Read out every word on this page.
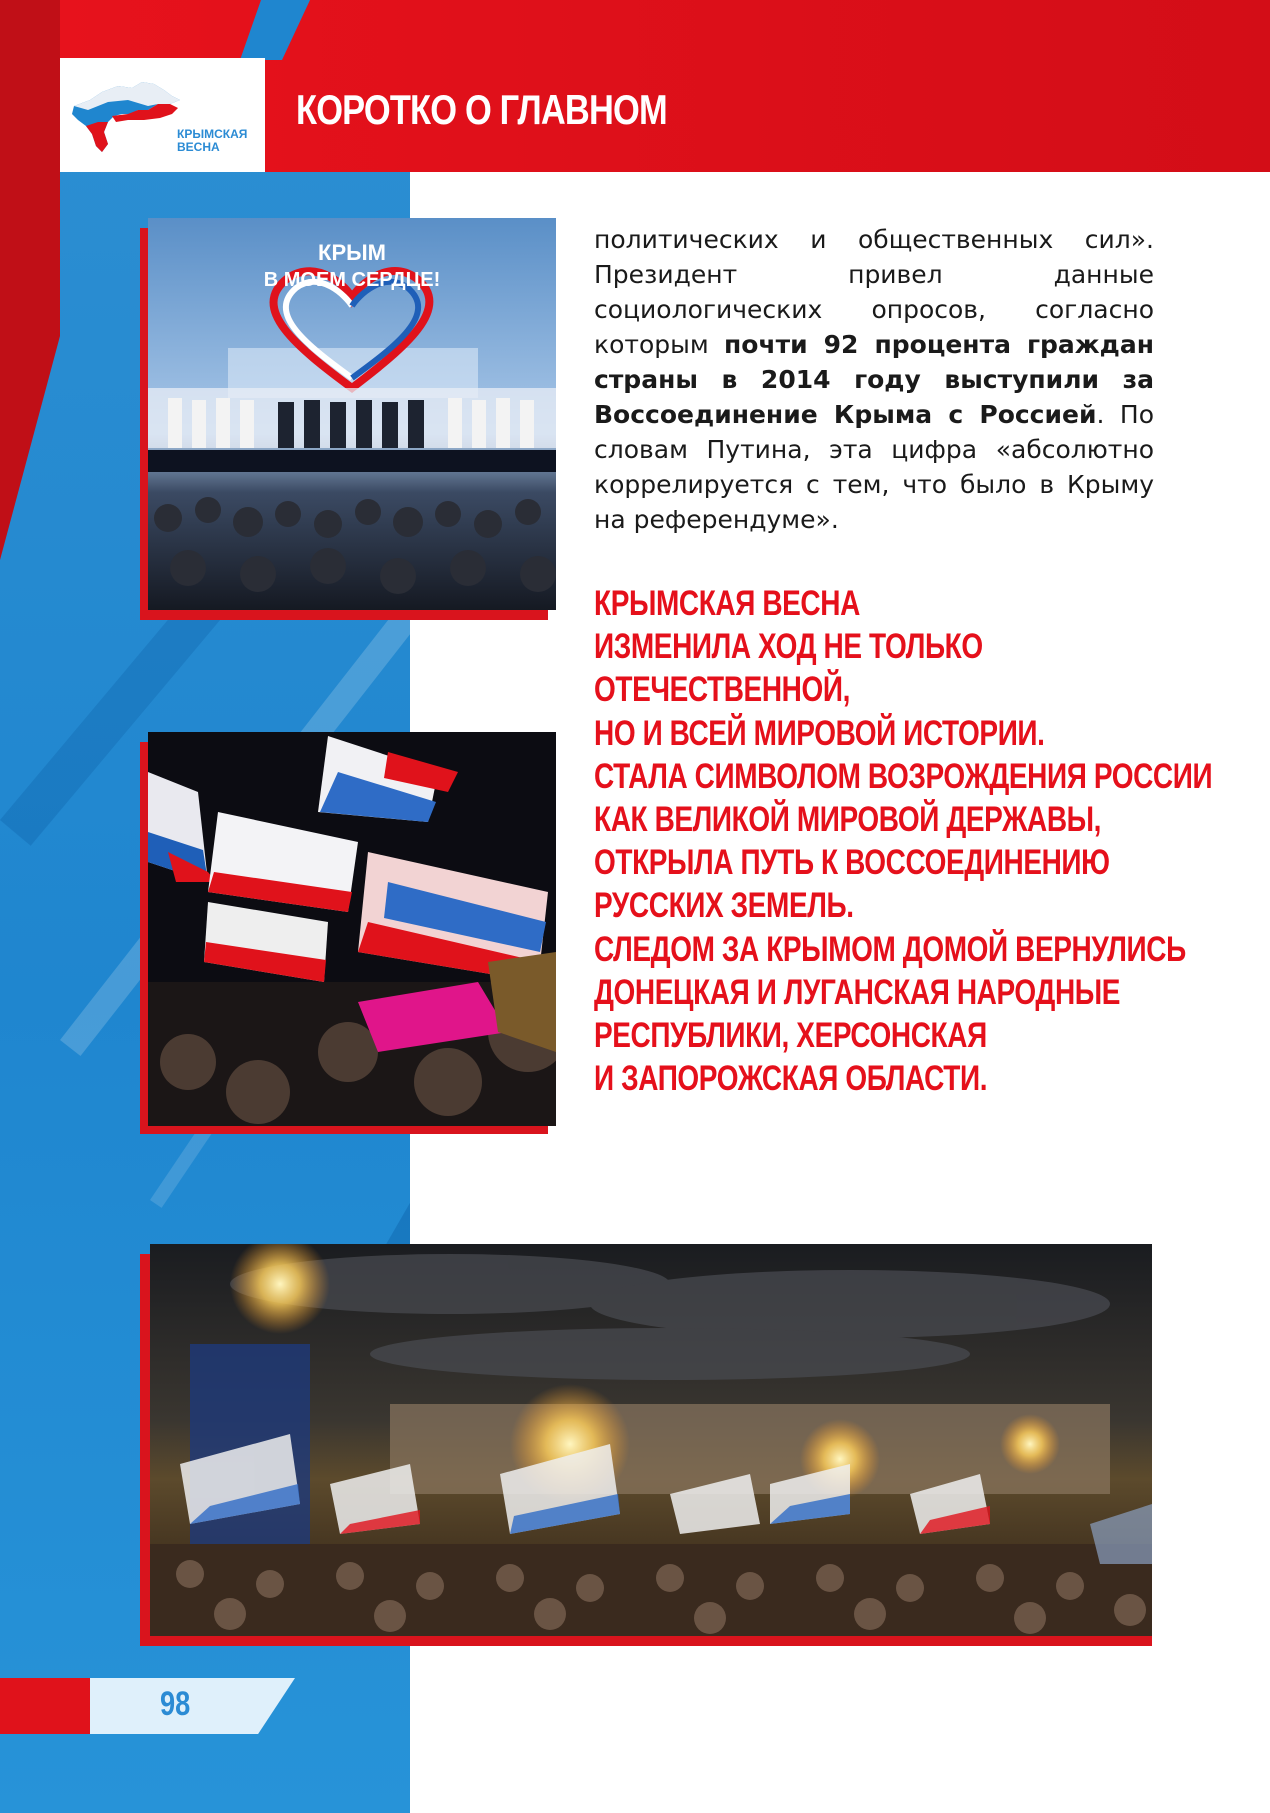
КРЫМСКАЯ
ВЕСНА
КОРОТКО О ГЛАВНОМ
КРЫМ
В МОЕМ СЕРДЦЕ!
политических и общественных сил». Президент привел данные социологических опросов, согласно которым почти 92 процента граждан страны в 2014 году выступили за Воссоединение Крыма с Россией. По словам Путина, эта цифра «абсолютно коррелируется с тем, что было в Крыму на референдуме».
КРЫМСКАЯ ВЕСНА
ИЗМЕНИЛА ХОД НЕ ТОЛЬКО
ОТЕЧЕСТВЕННОЙ,
НО И ВСЕЙ МИРОВОЙ ИСТОРИИ.
СТАЛА СИМВОЛОМ ВОЗРОЖДЕНИЯ РОССИИ
КАК ВЕЛИКОЙ МИРОВОЙ ДЕРЖАВЫ,
ОТКРЫЛА ПУТЬ К ВОССОЕДИНЕНИЮ
РУССКИХ ЗЕМЕЛЬ.
СЛЕДОМ ЗА КРЫМОМ ДОМОЙ ВЕРНУЛИСЬ
ДОНЕЦКАЯ И ЛУГАНСКАЯ НАРОДНЫЕ
РЕСПУБЛИКИ, ХЕРСОНСКАЯ
И ЗАПОРОЖСКАЯ ОБЛАСТИ.
98
